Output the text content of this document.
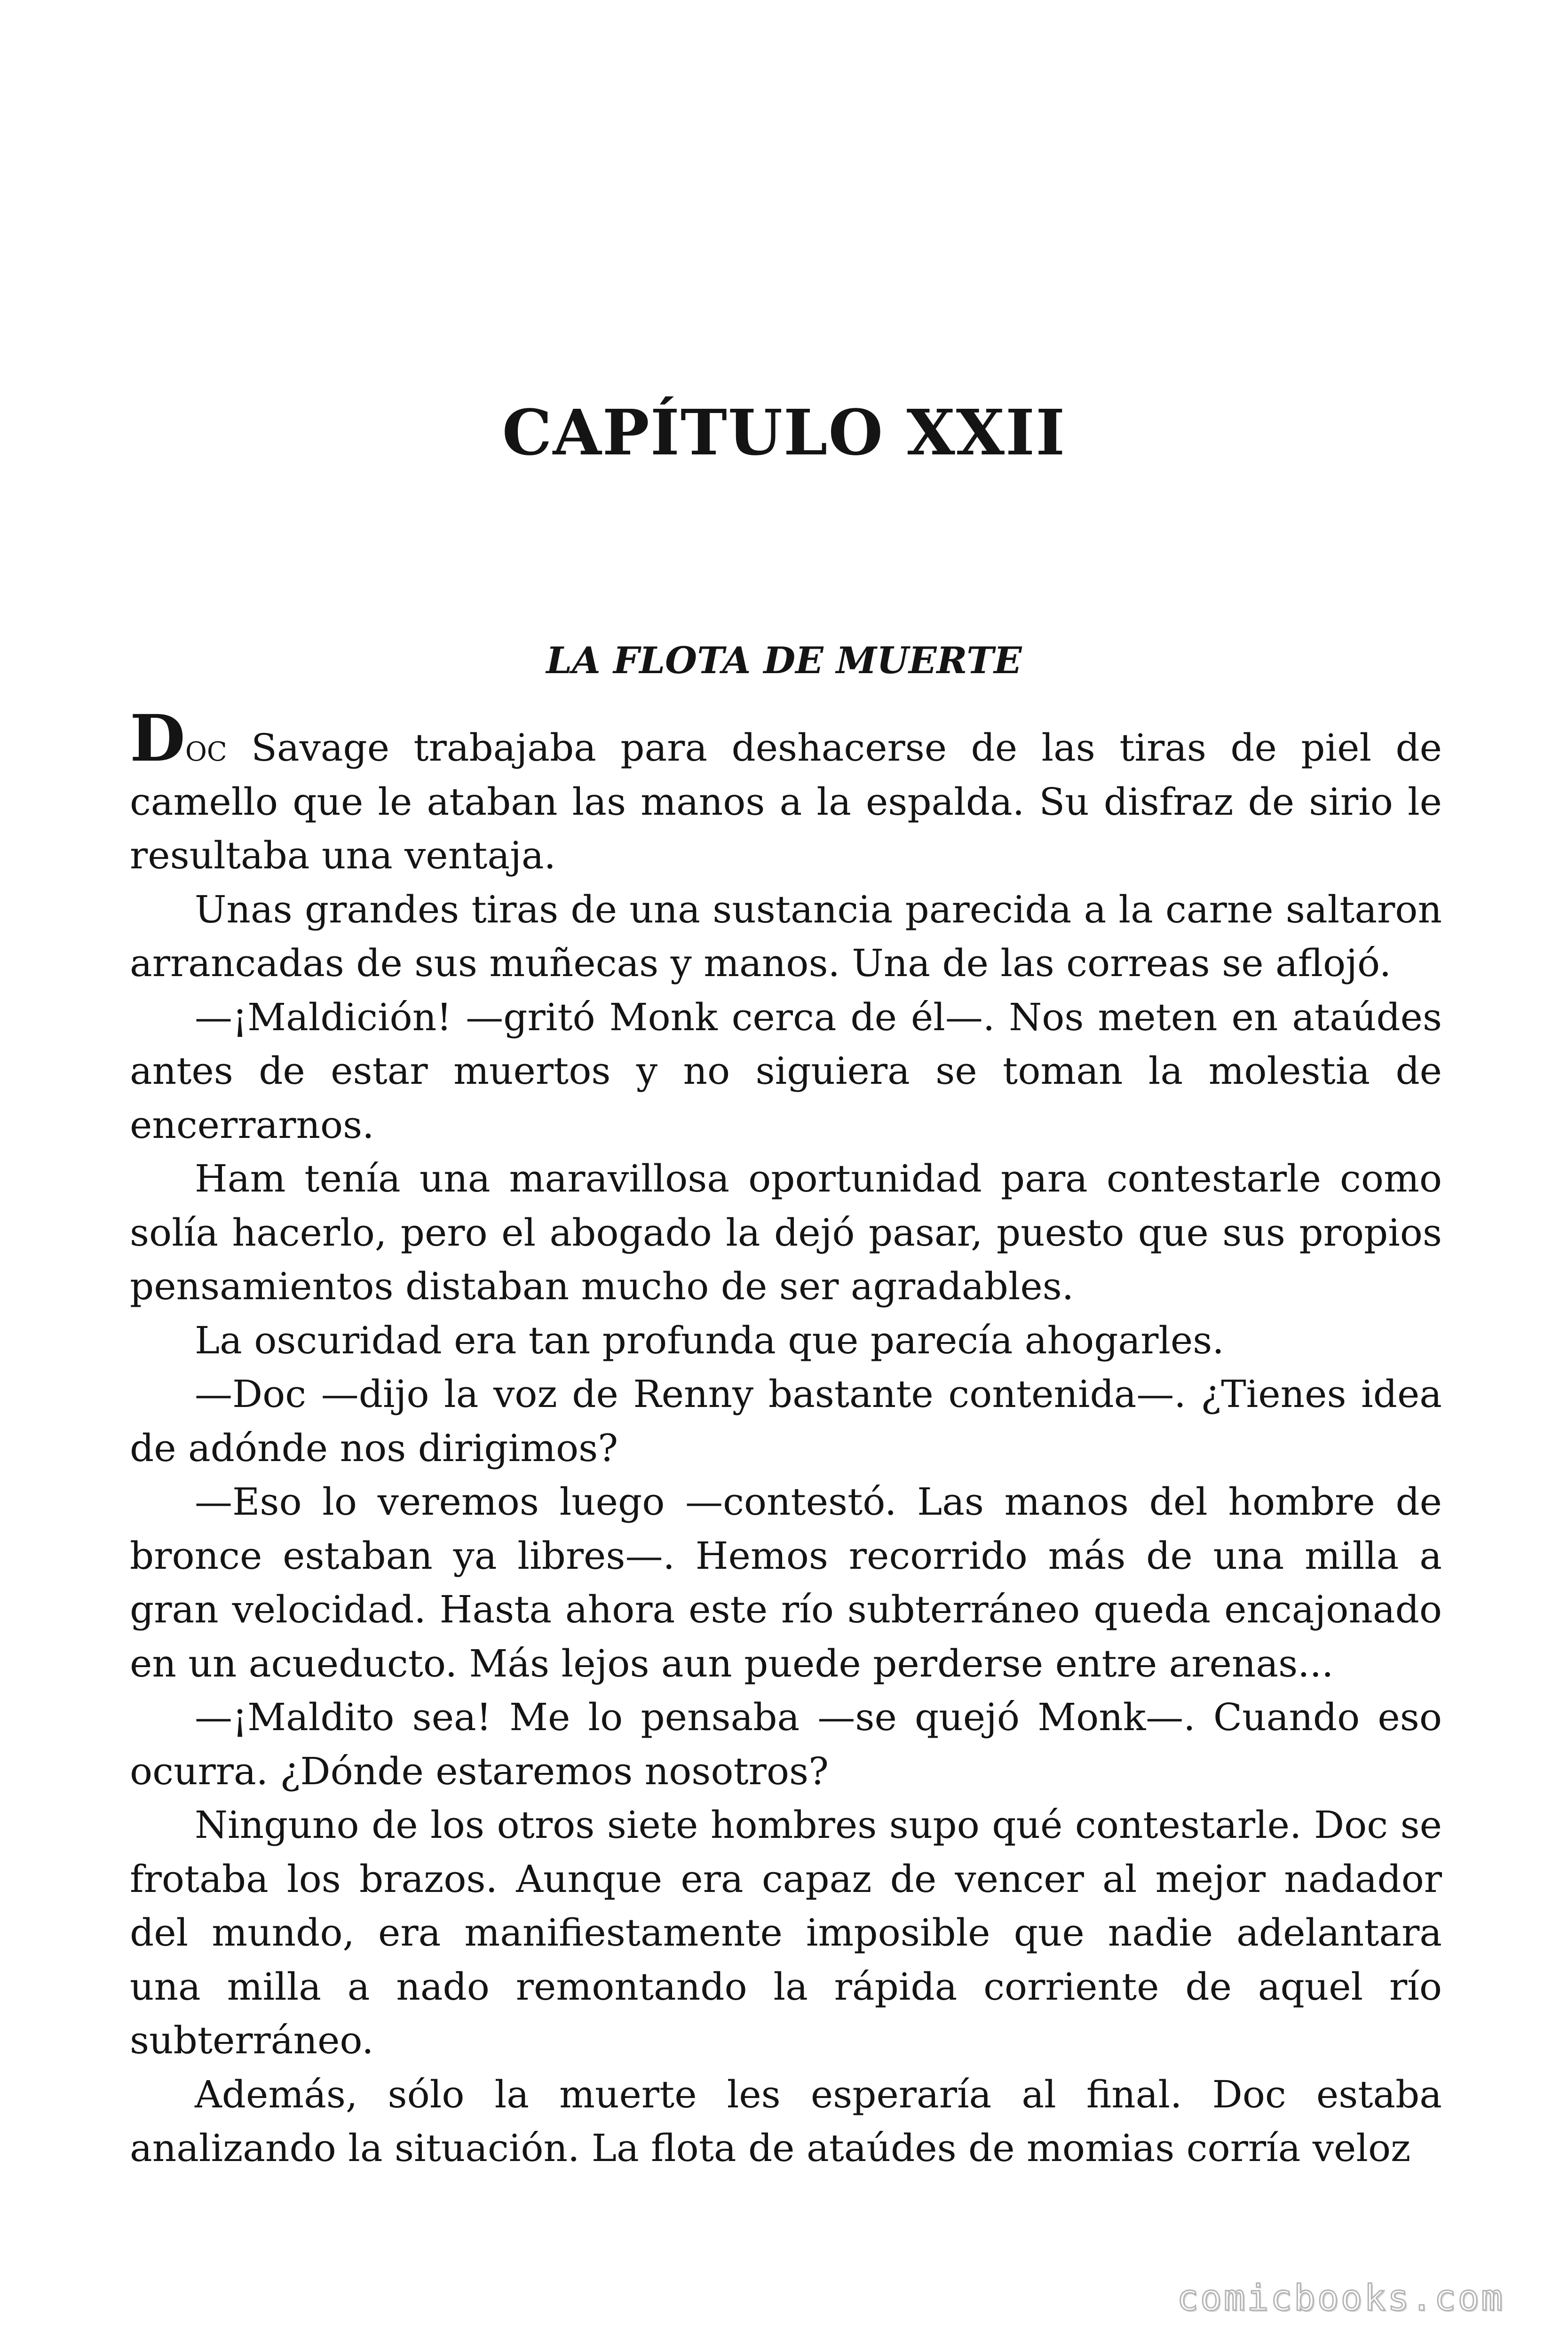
CAPÍTULO XXII
LA FLOTA DE MUERTE

Doc Savage trabajaba para deshacerse de las tiras de piel de camello que le ataban las manos a la espalda. Su disfraz de sirio le resultaba una ventaja.

Unas grandes tiras de una sustancia parecida a la carne saltaron arrancadas de sus muñecas y manos. Una de las correas se aflojó.

—¡Maldición! —gritó Monk cerca de él—. Nos meten en ataúdes antes de estar muertos y no siguiera se toman la molestia de encerrarnos.

Ham tenía una maravillosa oportunidad para contestarle como solía hacerlo, pero el abogado la dejó pasar, puesto que sus propios pensamientos distaban mucho de ser agradables.

La oscuridad era tan profunda que parecía ahogarles.

—Doc —dijo la voz de Renny bastante contenida—. ¿Tienes idea de adónde nos dirigimos?

—Eso lo veremos luego —contestó. Las manos del hombre de bronce estaban ya libres—. Hemos recorrido más de una milla a gran velocidad. Hasta ahora este río subterráneo queda encajonado en un acueducto. Más lejos aun puede perderse entre arenas...

—¡Maldito sea! Me lo pensaba —se quejó Monk—. Cuando eso ocurra. ¿Dónde estaremos nosotros?

Ninguno de los otros siete hombres supo qué contestarle. Doc se frotaba los brazos. Aunque era capaz de vencer al mejor nadador del mundo, era manifiestamente imposible que nadie adelantara una milla a nado remontando la rápida corriente de aquel río subterráneo.

Además, sólo la muerte les esperaría al final. Doc estaba analizando la situación. La flota de ataúdes de momias corría veloz

comicbooks.com
